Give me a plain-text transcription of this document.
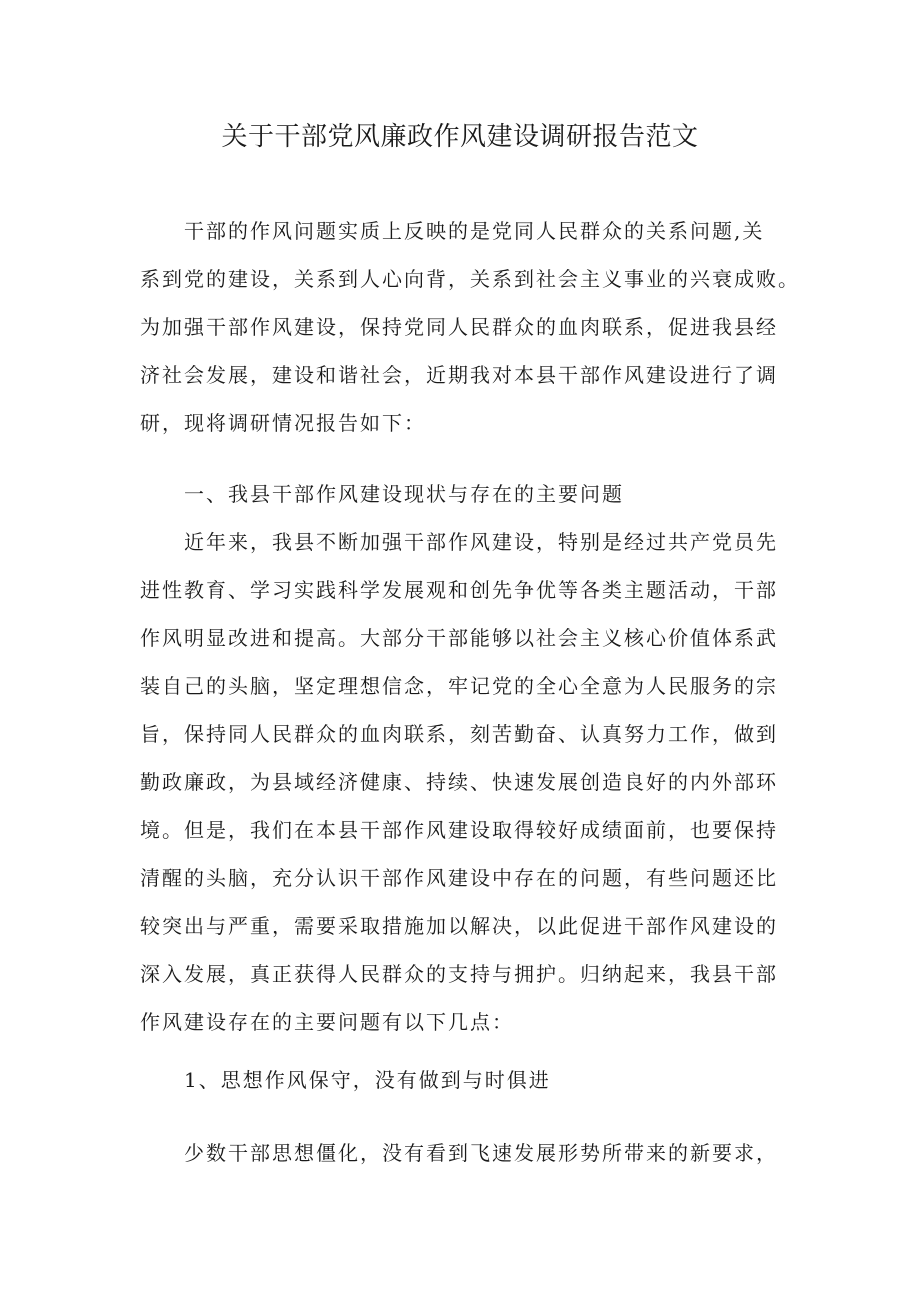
关于干部党风廉政作风建设调研报告范文
干部的作风问题实质上反映的是党同人民群众的关系问题,关
系到党的建设，关系到人心向背，关系到社会主义事业的兴衰成败。
为加强干部作风建设，保持党同人民群众的血肉联系，促进我县经
济社会发展，建设和谐社会，近期我对本县干部作风建设进行了调
研，现将调研情况报告如下：
一、我县干部作风建设现状与存在的主要问题
近年来，我县不断加强干部作风建设，特别是经过共产党员先
进性教育、学习实践科学发展观和创先争优等各类主题活动，干部
作风明显改进和提高。大部分干部能够以社会主义核心价值体系武
装自己的头脑，坚定理想信念，牢记党的全心全意为人民服务的宗
旨，保持同人民群众的血肉联系，刻苦勤奋、认真努力工作，做到
勤政廉政，为县域经济健康、持续、快速发展创造良好的内外部环
境。但是，我们在本县干部作风建设取得较好成绩面前，也要保持
清醒的头脑，充分认识干部作风建设中存在的问题，有些问题还比
较突出与严重，需要采取措施加以解决，以此促进干部作风建设的
深入发展，真正获得人民群众的支持与拥护。归纳起来，我县干部
作风建设存在的主要问题有以下几点：
1、思想作风保守，没有做到与时俱进
少数干部思想僵化，没有看到飞速发展形势所带来的新要求，
